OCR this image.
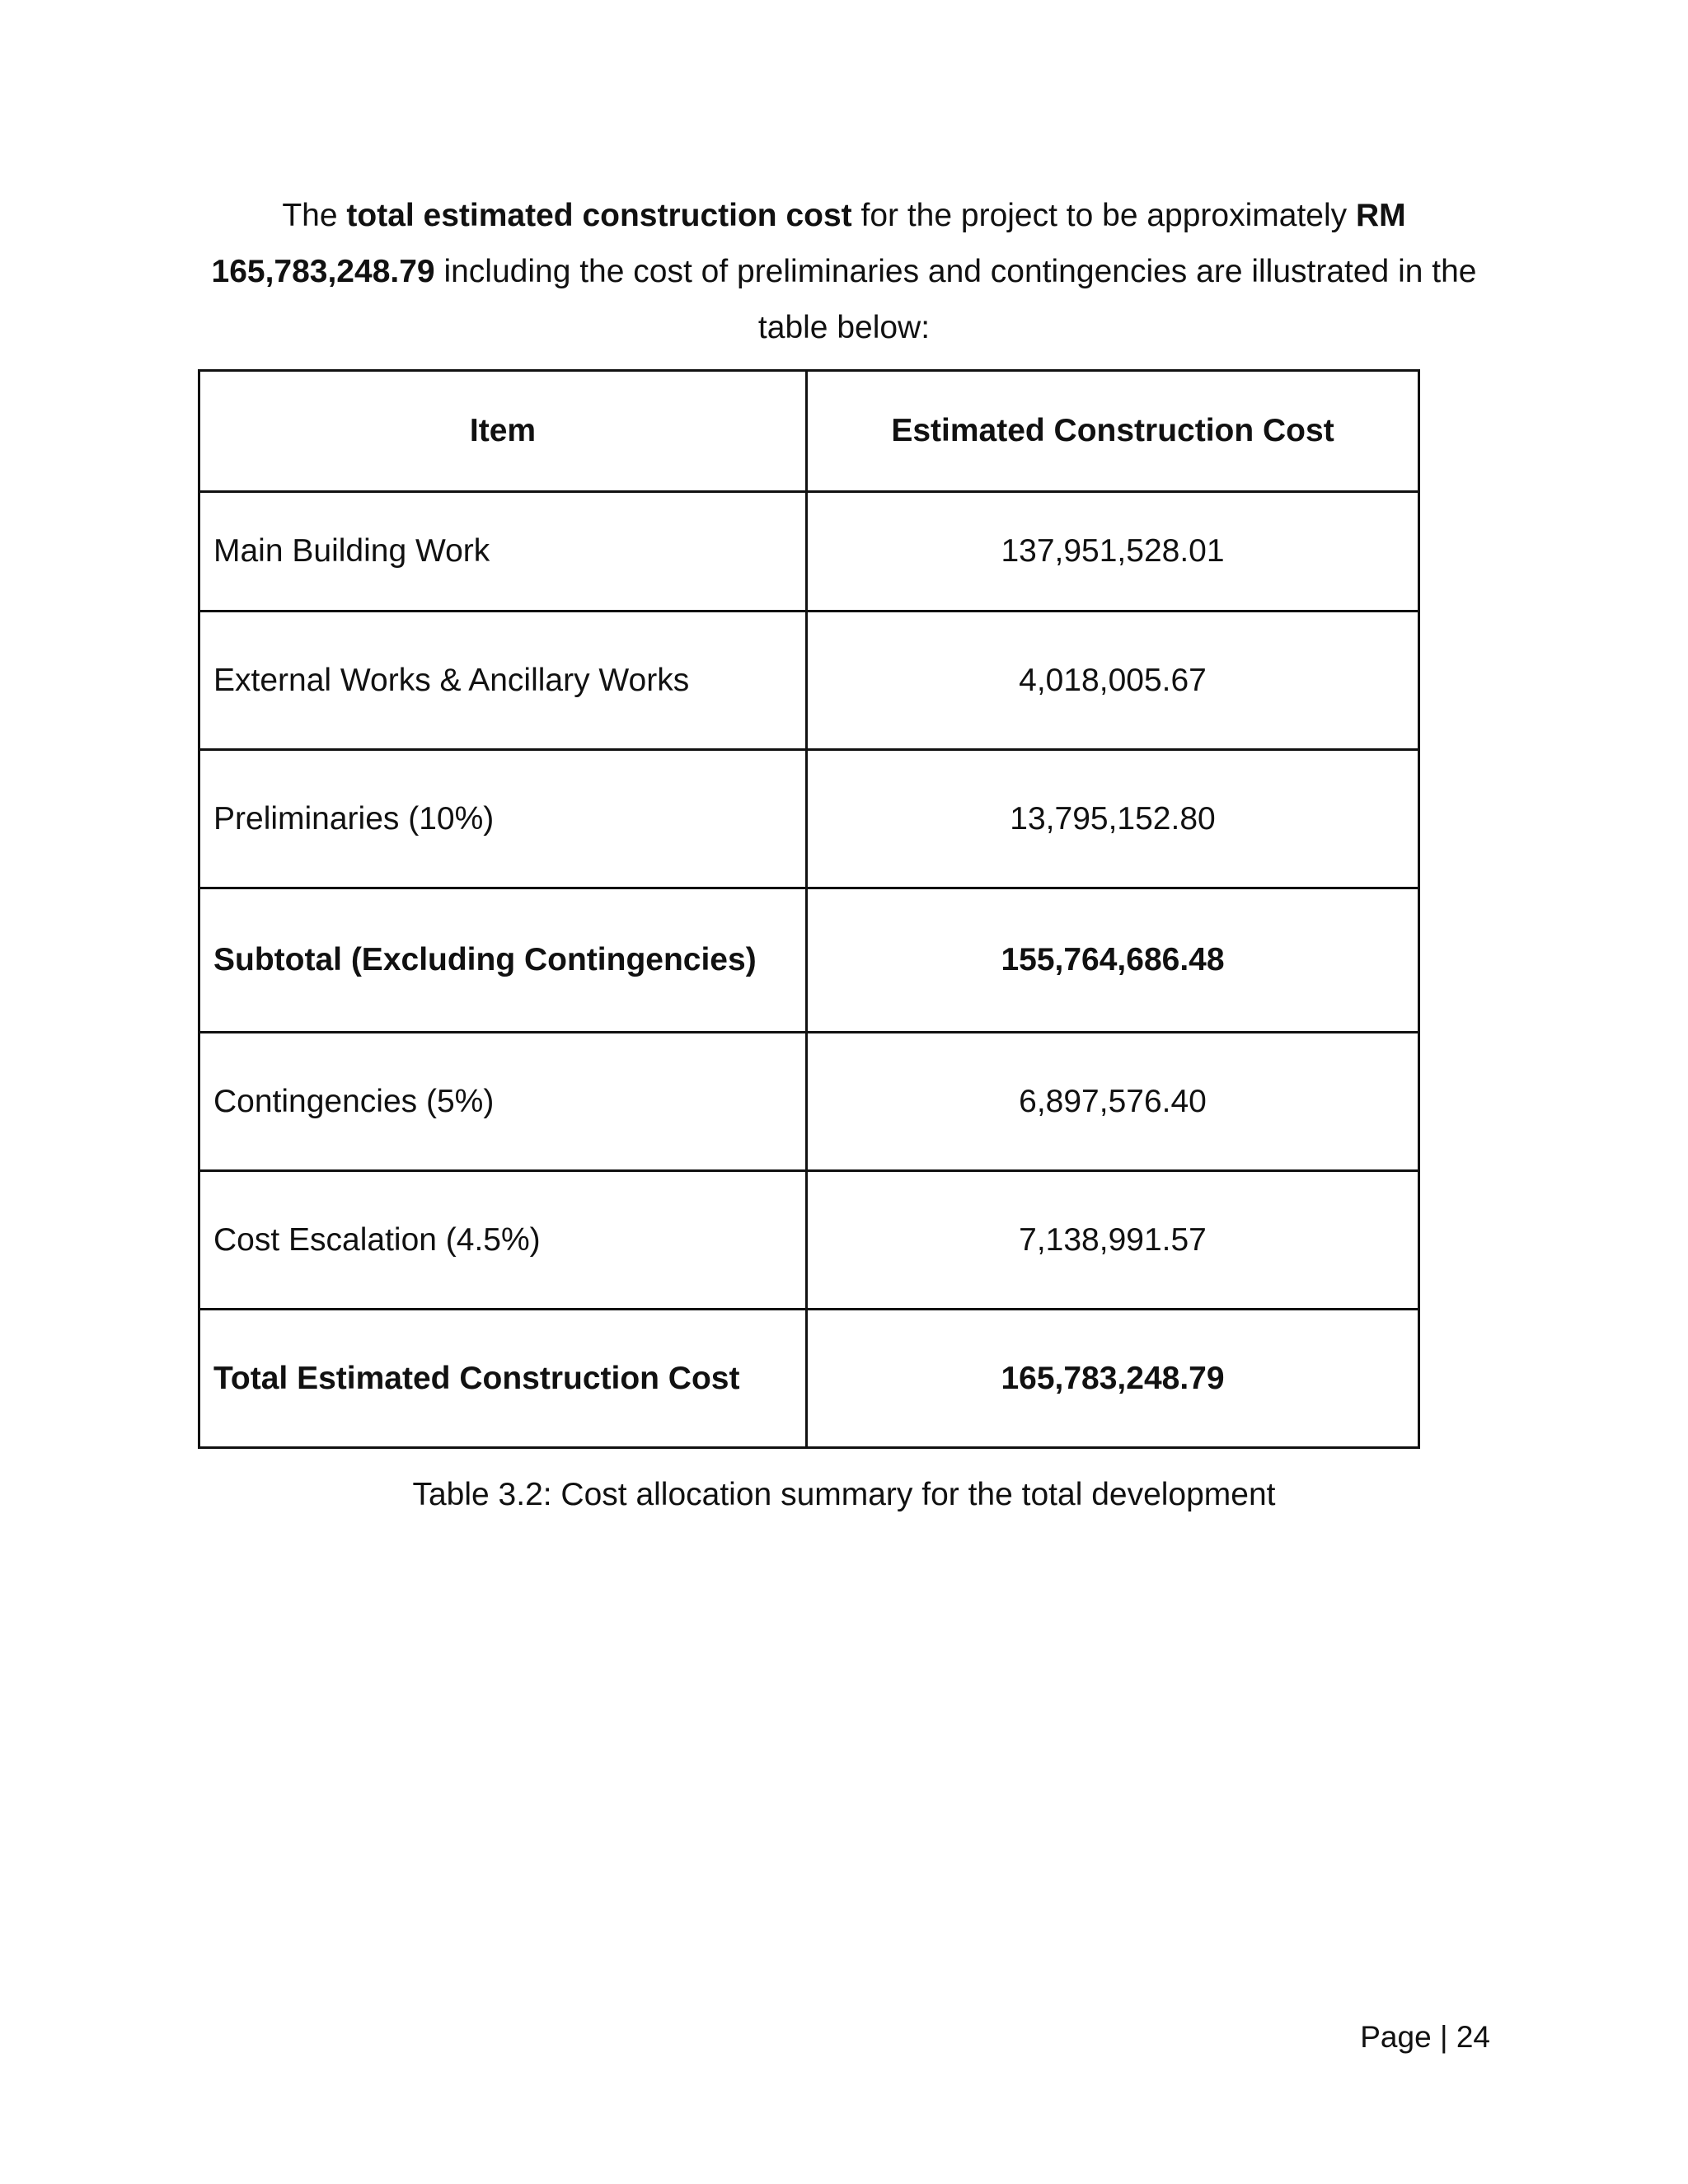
The total estimated construction cost for the project to be approximately RM 165,783,248.79 including the cost of preliminaries and contingencies are illustrated in the table below:

Item	Estimated Construction Cost
Main Building Work	137,951,528.01
External Works & Ancillary Works	4,018,005.67
Preliminaries (10%)	13,795,152.80
Subtotal (Excluding Contingencies)	155,764,686.48
Contingencies (5%)	6,897,576.40
Cost Escalation (4.5%)	7,138,991.57
Total Estimated Construction Cost	165,783,248.79

Table 3.2: Cost allocation summary for the total development

Page | 24
